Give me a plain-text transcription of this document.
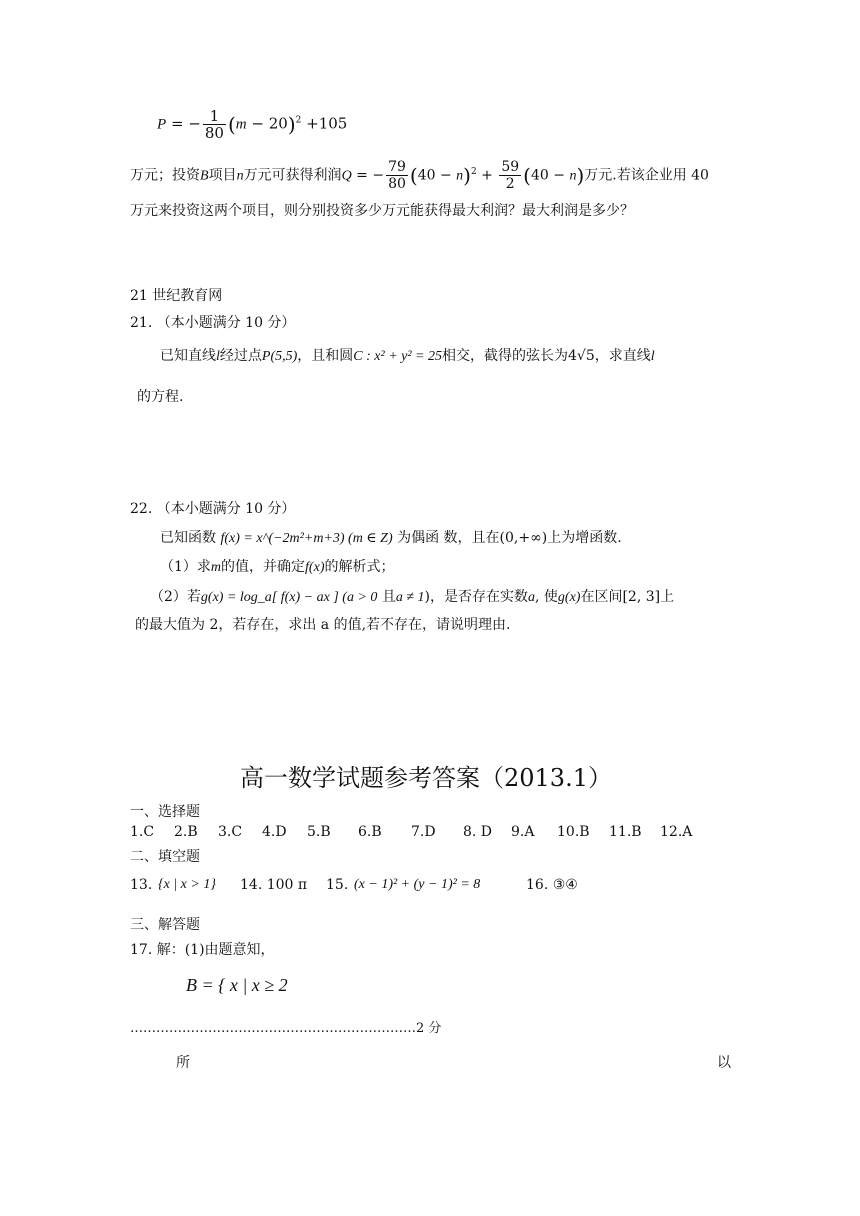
P = − $\frac{1}{80} (m - 20)^2 +105$
万元；投资B项目n万元可获得利润Q = − $\frac{79}{80} (40 - n)^2 + \frac{59}{2} (40 - n)$万元.若该企业用 40
万元来投资这两个项目，则分别投资多少万元能获得最大利润？最大利润是多少？
21 世纪教育网
21. （本小题满分 10 分）
已知直线l经过点P(5,5)，且和圆C : x² + y² = 25相交，截得的弦长为4√5，求直线l
的方程.
22. （本小题满分 10 分）
已知函数 f(x) = x^(−2m²+m+3) (m ∈ Z) 为偶函 数，且在(0,+∞)上为增函数.
（1）求m的值，并确定f(x)的解析式；
（2）若g(x) = log_a[ f(x) − ax ] (a > 0 且a ≠ 1)，是否存在实数a, 使g(x)在区间[2, 3]上
的最大值为 2，若存在，求出 a 的值,若不存在，请说明理由.
高一数学试题参考答案（2013.1）
一、选择题
1.C 2.B 3.C 4.D 5.B 6.B 7.D 8. D 9.A 10.B 11.B 12.A
二、填空题
13. {x | x > 1} 14. 100 π 15. (x − 1)² + (y − 1)² = 8	16. ③④
三、解答题
17. 解：(1)由题意知，
B = { x | x ≥ 2
…………………………………………………………2 分
所	以
